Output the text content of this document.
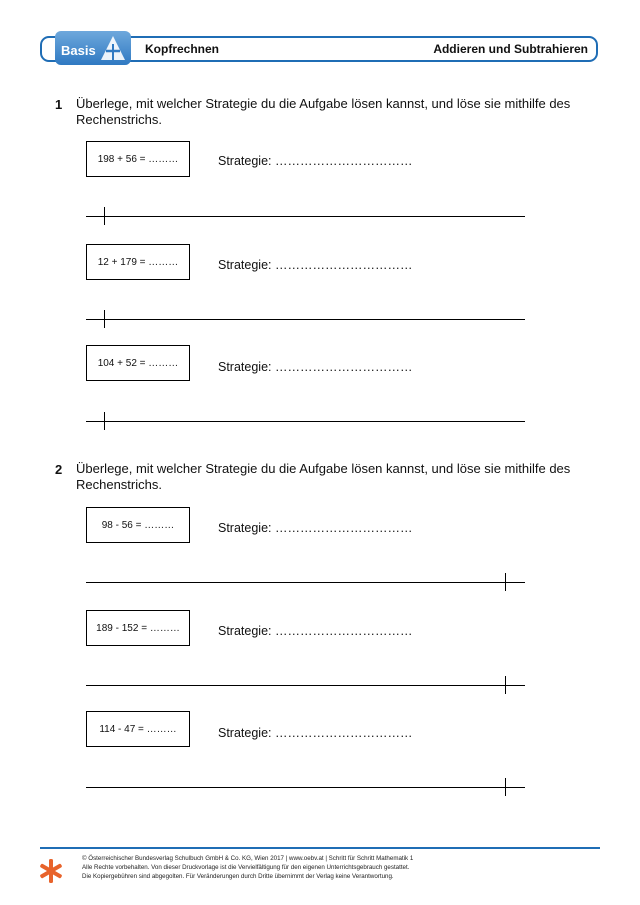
Basis	Kopfrechnen	Addieren und Subtrahieren
1 Überlege, mit welcher Strategie du die Aufgabe lösen kannst, und löse sie mithilfe des Rechenstrichs.
198 + 56 = ………	Strategie: ……………………………
12 + 179 = ………	Strategie: ……………………………
104 + 52 = ………	Strategie: ……………………………
2 Überlege, mit welcher Strategie du die Aufgabe lösen kannst, und löse sie mithilfe des Rechenstrichs.
98 - 56 = ………	Strategie: ……………………………
189 - 152 = ………	Strategie: ……………………………
114 - 47 = ………	Strategie: ……………………………
© Österreichischer Bundesverlag Schulbuch GmbH & Co. KG, Wien 2017 | www.oebv.at | Schritt für Schritt Mathematik 1
Alle Rechte vorbehalten. Von dieser Druckvorlage ist die Vervielfältigung für den eigenen Unterrichtsgebrauch gestattet.
Die Kopiergebühren sind abgegolten. Für Veränderungen durch Dritte übernimmt der Verlag keine Verantwortung.
